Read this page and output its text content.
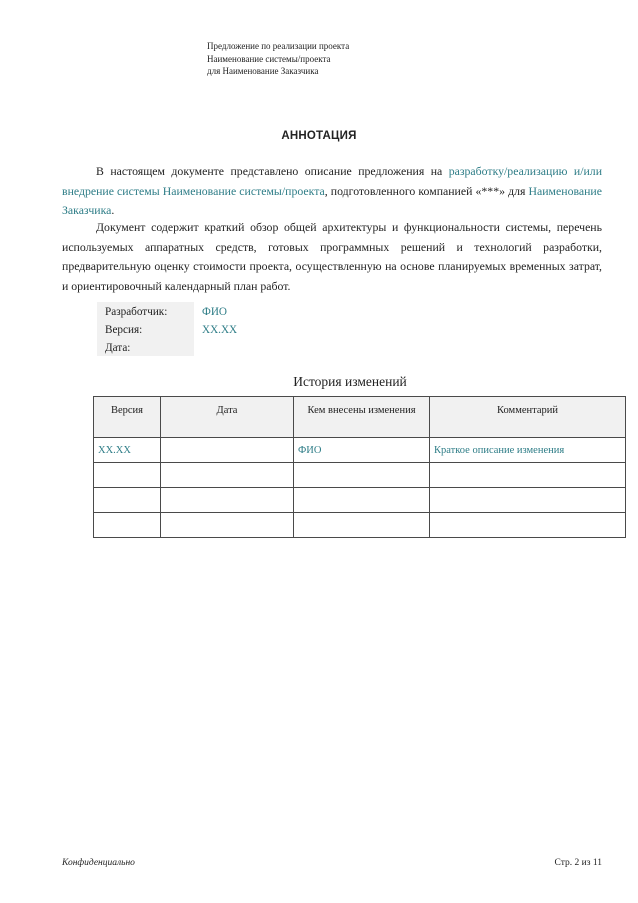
Предложение по реализации проекта
Наименование системы/проекта
для Наименование Заказчика
АННОТАЦИЯ

В настоящем документе представлено описание предложения на разработку/реализацию и/или внедрение системы Наименование системы/проекта, подготовленного компанией «***» для Наименование Заказчика.

Документ содержит краткий обзор общей архитектуры и функциональности системы, перечень используемых аппаратных средств, готовых программных решений и технологий разработки, предварительную оценку стоимости проекта, осуществленную на основе планируемых временных затрат, и ориентировочный календарный план работ.

Разработчик:	ФИО
Версия:	ХХ.ХХ
Дата:	
История изменений
Версия	Дата	Кем внесены изменения	Комментарий
ХХ.ХХ		ФИО	Краткое описание изменения

Конфиденциально	Стр. 2 из 11
